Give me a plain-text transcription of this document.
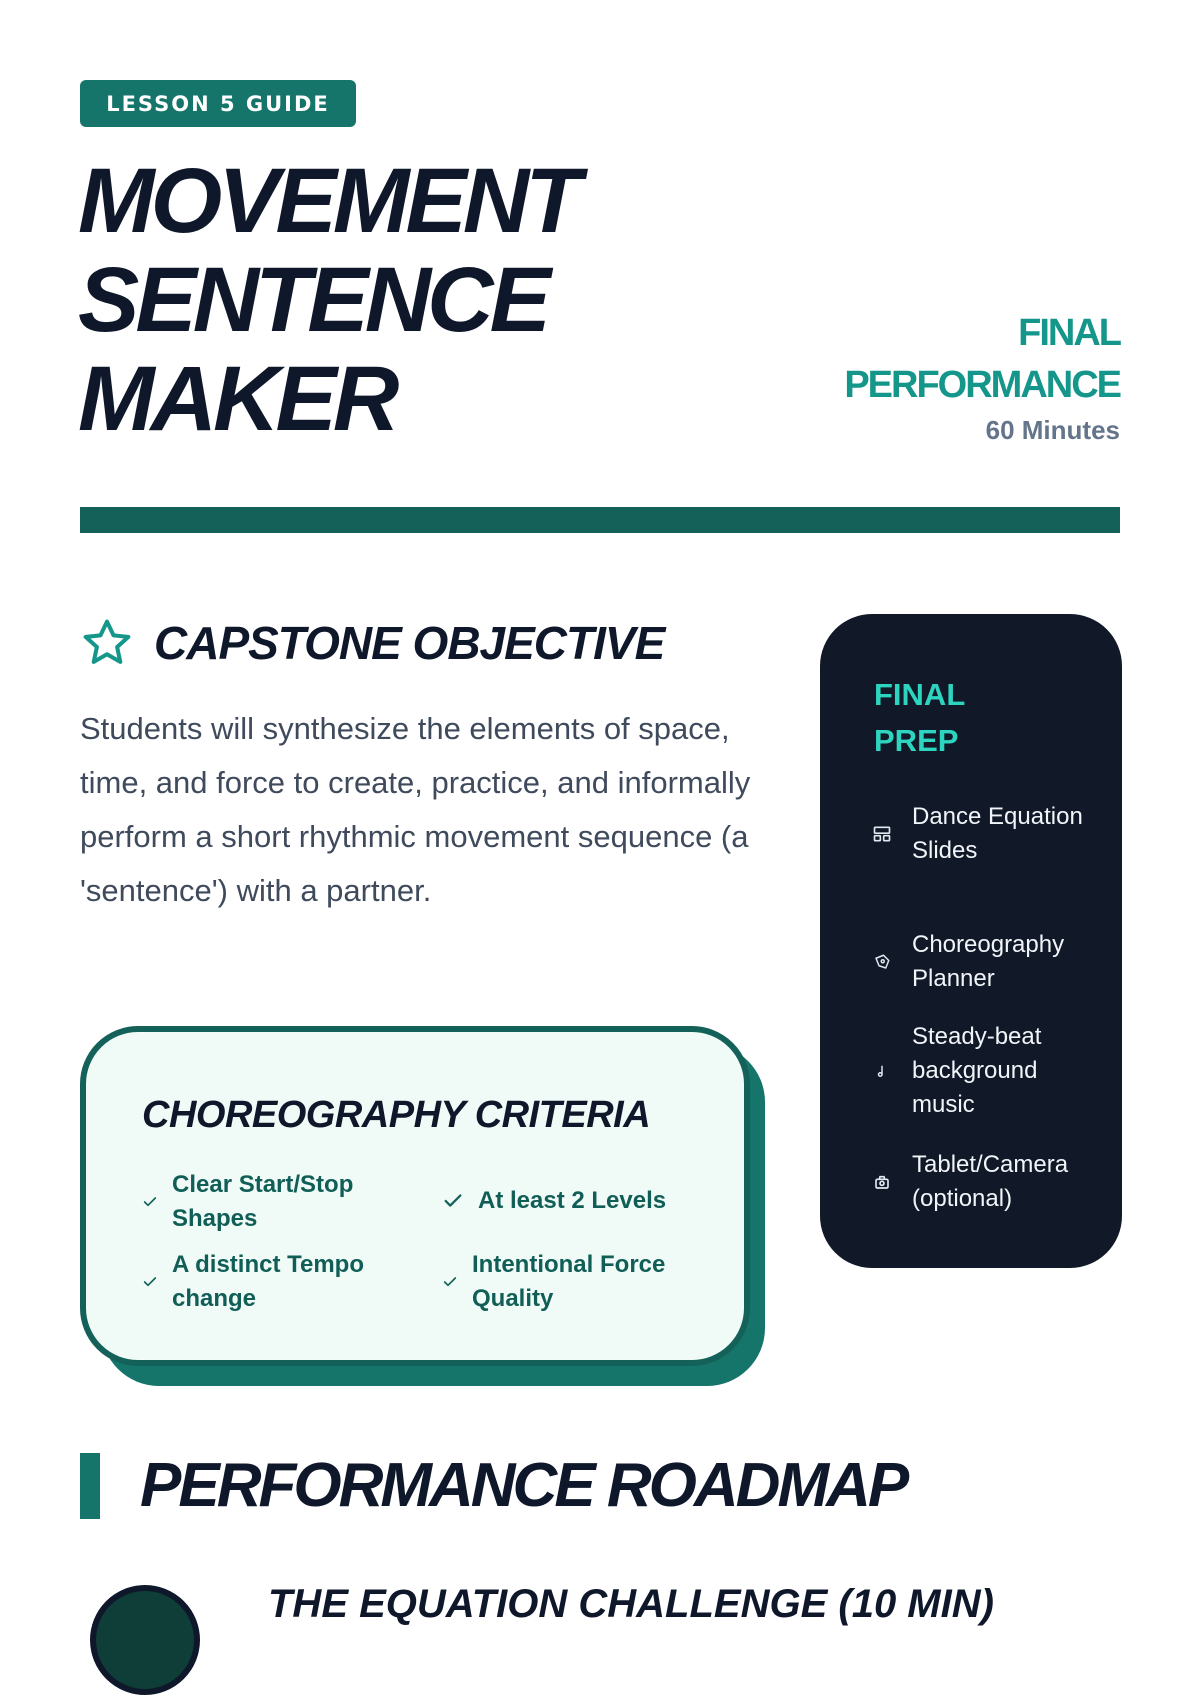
LESSON 5 GUIDE
MOVEMENT
SENTENCE
MAKER
FINAL
PERFORMANCE
60 Minutes
CAPSTONE OBJECTIVE

Students will synthesize the elements of space, time, and force to create, practice, and informally perform a short rhythmic movement sequence (a 'sentence') with a partner.

CHOREOGRAPHY CRITERIA
Clear Start/Stop Shapes
At least 2 Levels
A distinct Tempo change
Intentional Force Quality
FINAL
PREP
Dance Equation Slides
Choreography Planner
Steady-beat background music
Tablet/Camera (optional)
PERFORMANCE ROADMAP
THE EQUATION CHALLENGE (10 MIN)
